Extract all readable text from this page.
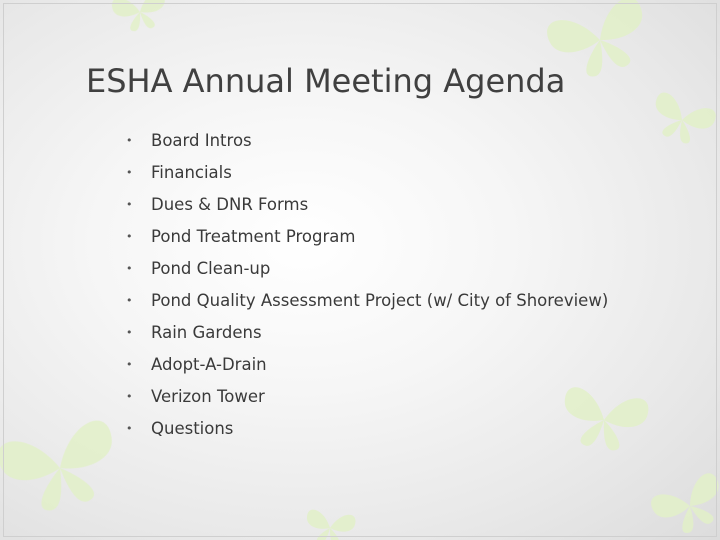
ESHA Annual Meeting Agenda
•	Board Intros
•	Financials
•	Dues & DNR Forms
•	Pond Treatment Program
•	Pond Clean-up
•	Pond Quality Assessment Project (w/ City of Shoreview)
•	Rain Gardens
•	Adopt-A-Drain
•	Verizon Tower
•	Questions
